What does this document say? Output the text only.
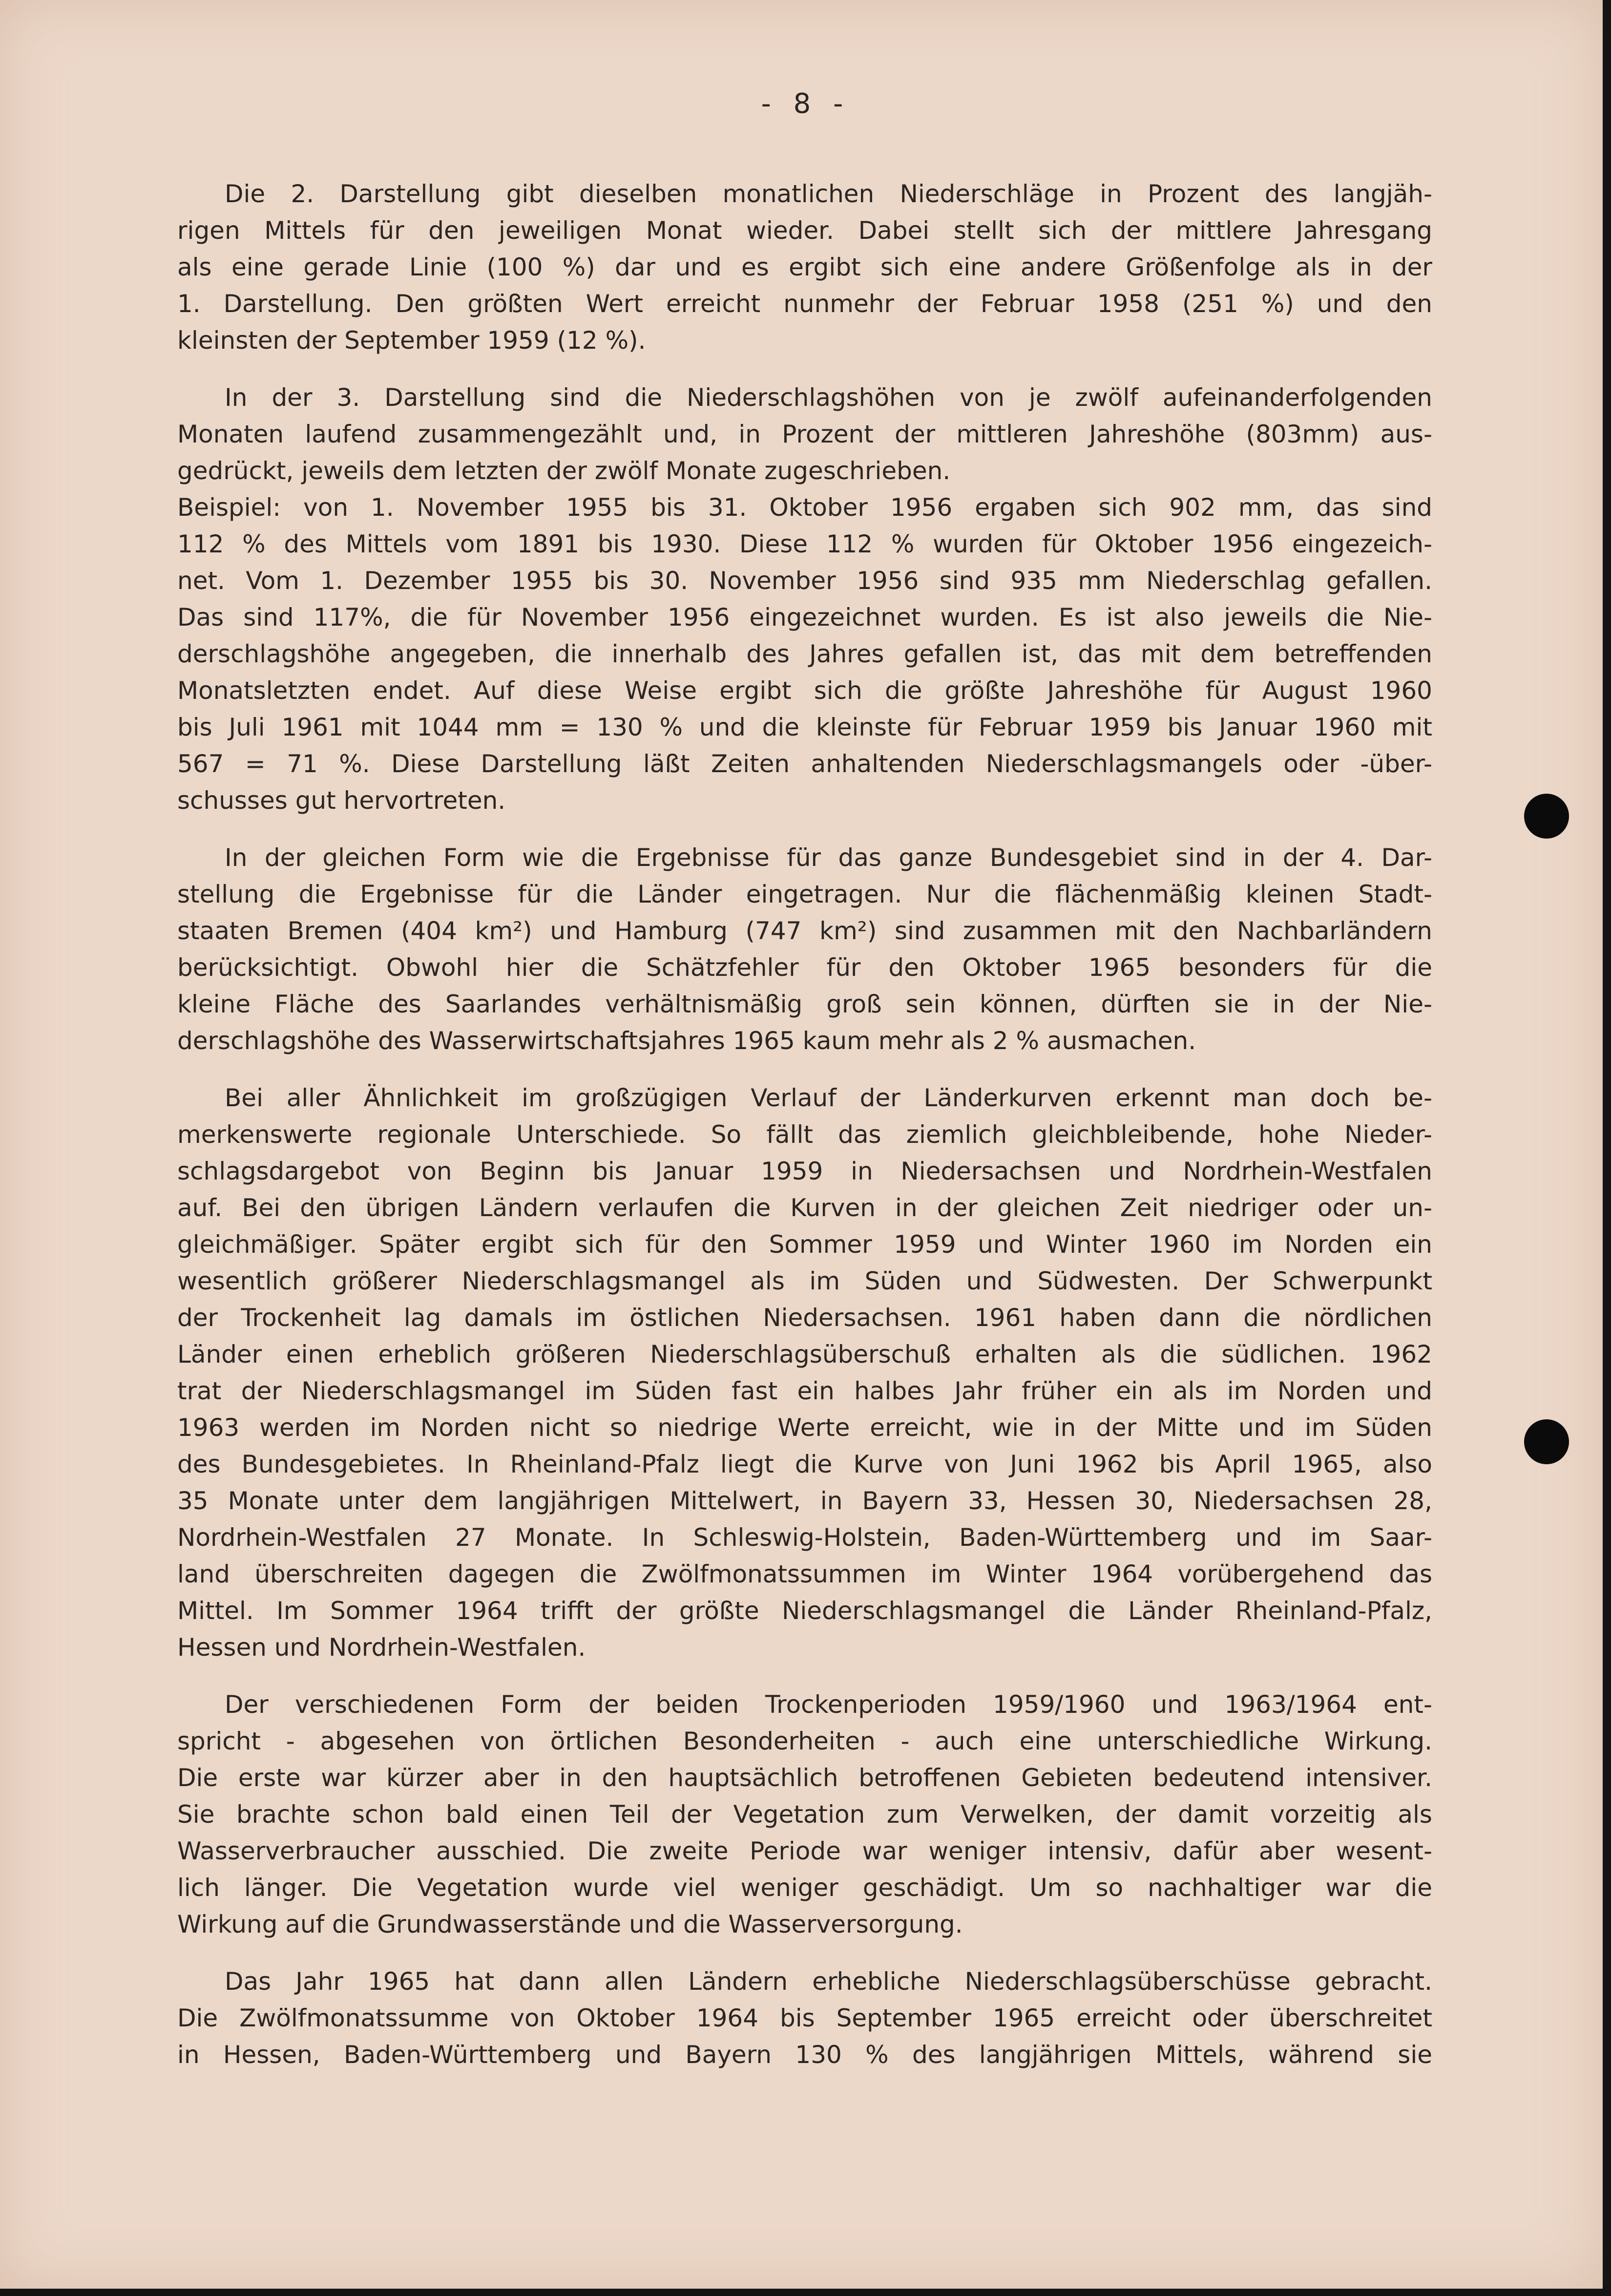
- 8 -
Die 2. Darstellung gibt dieselben monatlichen Niederschläge in Prozent des langjäh-
rigen Mittels für den jeweiligen Monat wieder. Dabei stellt sich der mittlere Jahresgang
als eine gerade Linie (100 %) dar und es ergibt sich eine andere Größenfolge als in der
1. Darstellung. Den größten Wert erreicht nunmehr der Februar 1958 (251 %) und den
kleinsten der September 1959 (12 %).
In der 3. Darstellung sind die Niederschlagshöhen von je zwölf aufeinanderfolgenden
Monaten laufend zusammengezählt und, in Prozent der mittleren Jahreshöhe (803mm) aus-
gedrückt, jeweils dem letzten der zwölf Monate zugeschrieben.
Beispiel: von 1. November 1955 bis 31. Oktober 1956 ergaben sich 902 mm, das sind
112 % des Mittels vom 1891 bis 1930. Diese 112 % wurden für Oktober 1956 eingezeich-
net. Vom 1. Dezember 1955 bis 30. November 1956 sind 935 mm Niederschlag gefallen.
Das sind 117%, die für November 1956 eingezeichnet wurden. Es ist also jeweils die Nie-
derschlagshöhe angegeben, die innerhalb des Jahres gefallen ist, das mit dem betreffenden
Monatsletzten endet. Auf diese Weise ergibt sich die größte Jahreshöhe für August 1960
bis Juli 1961 mit 1044 mm = 130 % und die kleinste für Februar 1959 bis Januar 1960 mit
567 = 71 %. Diese Darstellung läßt Zeiten anhaltenden Niederschlagsmangels oder -über-
schusses gut hervortreten.
In der gleichen Form wie die Ergebnisse für das ganze Bundesgebiet sind in der 4. Dar-
stellung die Ergebnisse für die Länder eingetragen. Nur die flächenmäßig kleinen Stadt-
staaten Bremen (404 km²) und Hamburg (747 km²) sind zusammen mit den Nachbarländern
berücksichtigt. Obwohl hier die Schätzfehler für den Oktober 1965 besonders für die
kleine Fläche des Saarlandes verhältnismäßig groß sein können, dürften sie in der Nie-
derschlagshöhe des Wasserwirtschaftsjahres 1965 kaum mehr als 2 % ausmachen.
Bei aller Ähnlichkeit im großzügigen Verlauf der Länderkurven erkennt man doch be-
merkenswerte regionale Unterschiede. So fällt das ziemlich gleichbleibende, hohe Nieder-
schlagsdargebot von Beginn bis Januar 1959 in Niedersachsen und Nordrhein-Westfalen
auf. Bei den übrigen Ländern verlaufen die Kurven in der gleichen Zeit niedriger oder un-
gleichmäßiger. Später ergibt sich für den Sommer 1959 und Winter 1960 im Norden ein
wesentlich größerer Niederschlagsmangel als im Süden und Südwesten. Der Schwerpunkt
der Trockenheit lag damals im östlichen Niedersachsen. 1961 haben dann die nördlichen
Länder einen erheblich größeren Niederschlagsüberschuß erhalten als die südlichen. 1962
trat der Niederschlagsmangel im Süden fast ein halbes Jahr früher ein als im Norden und
1963 werden im Norden nicht so niedrige Werte erreicht, wie in der Mitte und im Süden
des Bundesgebietes. In Rheinland-Pfalz liegt die Kurve von Juni 1962 bis April 1965, also
35 Monate unter dem langjährigen Mittelwert, in Bayern 33, Hessen 30, Niedersachsen 28,
Nordrhein-Westfalen 27 Monate. In Schleswig-Holstein, Baden-Württemberg und im Saar-
land überschreiten dagegen die Zwölfmonatssummen im Winter 1964 vorübergehend das
Mittel. Im Sommer 1964 trifft der größte Niederschlagsmangel die Länder Rheinland-Pfalz,
Hessen und Nordrhein-Westfalen.
Der verschiedenen Form der beiden Trockenperioden 1959/1960 und 1963/1964 ent-
spricht - abgesehen von örtlichen Besonderheiten - auch eine unterschiedliche Wirkung.
Die erste war kürzer aber in den hauptsächlich betroffenen Gebieten bedeutend intensiver.
Sie brachte schon bald einen Teil der Vegetation zum Verwelken, der damit vorzeitig als
Wasserverbraucher ausschied. Die zweite Periode war weniger intensiv, dafür aber wesent-
lich länger. Die Vegetation wurde viel weniger geschädigt. Um so nachhaltiger war die
Wirkung auf die Grundwasserstände und die Wasserversorgung.
Das Jahr 1965 hat dann allen Ländern erhebliche Niederschlagsüberschüsse gebracht.
Die Zwölfmonatssumme von Oktober 1964 bis September 1965 erreicht oder überschreitet
in Hessen, Baden-Württemberg und Bayern 130 % des langjährigen Mittels, während sie
